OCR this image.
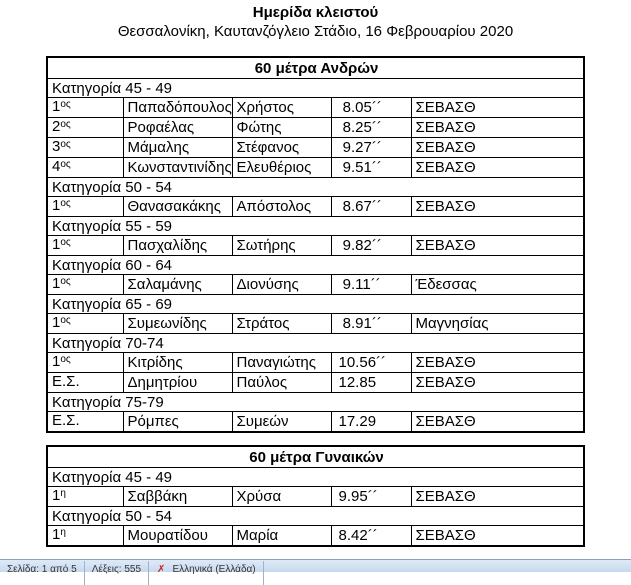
Ημερίδα κλειστού
Θεσσαλονίκη, Καυτανζόγλειο Στάδιο, 16 Φεβρουαρίου 2020
60 μέτρα Ανδρών				
Κατηγορία 45 - 49				
$1^{o\varsigma}$	Παπαδόπουλος	Χρήστος	8.05´´	ΣΕΒΑΣΘ
$2^{o\varsigma}$	Ροφαέλας	Φώτης	8.25´´	ΣΕΒΑΣΘ
$3^{o\varsigma}$	Μάμαλης	Στέφανος	9.27´´	ΣΕΒΑΣΘ
$4^{o\varsigma}$	Κωνσταντινίδης	Ελευθέριος	9.51´´	ΣΕΒΑΣΘ
Κατηγορία 50 - 54				
$1^{o\varsigma}$	Θανασακάκης	Απόστολος	8.67´´	ΣΕΒΑΣΘ
Κατηγορία 55 - 59				
$1^{o\varsigma}$	Πασχαλίδης	Σωτήρης	9.82´´	ΣΕΒΑΣΘ
Κατηγορία 60 - 64				
$1^{o\varsigma}$	Σαλαμάνης	Διονύσης	9.11´´	Έδεσσας
Κατηγορία 65 - 69				
$1^{o\varsigma}$	Συμεωνίδης	Στράτος	8.91´´	Μαγνησίας
Κατηγορία 70-74				
$1^{o\varsigma}$	Κιτρίδης	Παναγιώτης	10.56´´	ΣΕΒΑΣΘ
Ε.Σ.	Δημητρίου	Παύλος	12.85	ΣΕΒΑΣΘ
Κατηγορία 75-79				
Ε.Σ.	Ρόμπες	Συμεών	17.29	ΣΕΒΑΣΘ
60 μέτρα Γυναικών				
Κατηγορία 45 - 49				
$1^\eta$	Σαββάκη	Χρύσα	9.95´´	ΣΕΒΑΣΘ
Κατηγορία 50 - 54				
$1^\eta$	Μουρατίδου	Μαρία	8.42´´	ΣΕΒΑΣΘ
Σελίδα: 1 από 5	Λέξεις: 555	✗ Ελληνικά (Ελλάδα)
